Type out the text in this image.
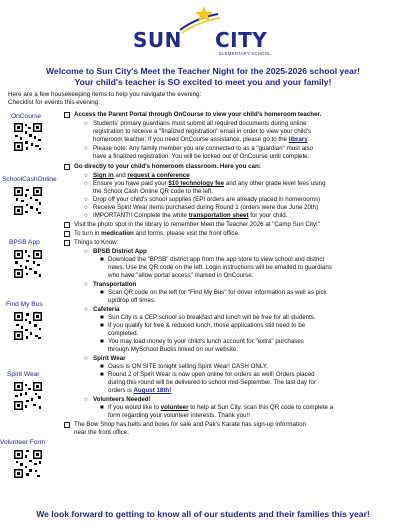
SUN CITY
ELEMENTARY SCHOOL
Welcome to Sun City's Meet the Teacher Night for the 2025-2026 school year!
Your child's teacher is SO excited to meet you and your family!
Here are a few housekeeping items to help you navigate the evening:
Checklist for events this evening:
OnCourse
SchoolCashOnline
BPSB App
Find My Bus
Spirit Wear
Volunteer Form
Access the Parent Portal through OnCourse to view your child's homeroom teacher.
○ Students' primary guardians must submit all required documents during online
registration to receive a "finalized registration" email in order to view your child's
homeroom teacher. If you need OnCourse assistance, please go to the library.
○ Please note: Any family member you are connected to as a "guardian" must also
have a finalized registration. You will be locked out of OnCourse until complete.
Go directly to your child's homeroom classroom. Here you can:
○ Sign in and request a conference
○ Ensure you have paid your $10 technology fee and any other grade level fees using
the School Cash Online QR code to the left.
○ Drop off your child's school supplies (EPI orders are already placed in homerooms)
○ Receive Spirit Wear items purchased during Round 1 (orders were due June 20th)
○ IMPORTANT!! Complete the white transportation sheet for your child.
Visit the photo spot in the library to remember Meet the Teacher 2026 at "Camp Sun City!"
To turn in medication and forms, please visit the front office.
Things to Know:
○ BPSB District App
■ Download the "BPSB" district app from the app store to view school and district
news. Use the QR code on the left. Login instructions will be emailed to guardians
who have "allow portal access" marked in OnCourse.
○ Transportation
■ Scan QR code on the left for "Find My Bus" for driver information as well as pick
up/drop off times.
○ Cafeteria
■ Sun City is a CEP school so breakfast and lunch will be free for all students.
■ If you qualify for free & reduced lunch, those applications still need to be
completed.
■ You may load money to your child's lunch account for "extra" purchases
through MySchool Bucks linked on our website.
○ Spirit Wear
■ Oasis is ON SITE tonight selling Spirit Wear! CASH ONLY.
■ Round 2 of Spirit Wear is now open online for orders as well! Orders placed
during this round will be delivered to school mid-September. The last day for
orders is August 18th!
○ Volunteers Needed!
■ If you would like to volunteer to help at Sun City, scan this QR code to complete a
form regarding your volunteer interests. Thank you!!
The Bow Shop has belts and bows for sale and Pak's Karate has sign-up information
near the front office.
We look forward to getting to know all of our students and their families this year!
